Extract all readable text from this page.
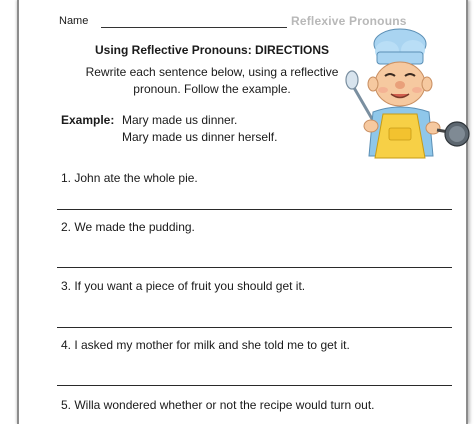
Name	Reflexive Pronouns
Using Reflective Pronouns: DIRECTIONS
Rewrite each sentence below, using a reflective pronoun. Follow the example.
Example: Mary made us dinner.
Mary made us dinner herself.
1. John ate the whole pie.
2. We made the pudding.
3. If you want a piece of fruit you should get it.
4. I asked my mother for milk and she told me to get it.
5. Willa wondered whether or not the recipe would turn out.
